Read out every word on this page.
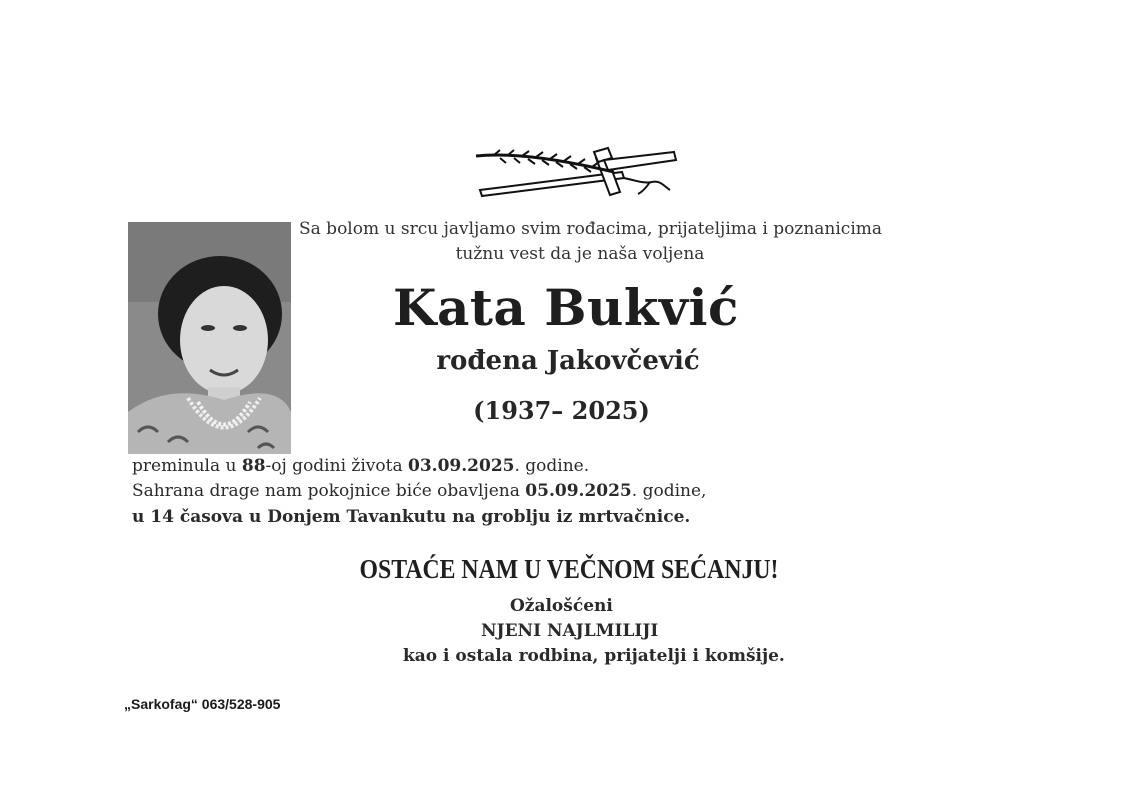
Sa bolom u srcu javljamo svim rođacima, prijateljima i poznanicima
tužnu vest da je naša voljena
Kata Bukvić
rođena Jakovčević
(1937– 2025)
preminula u 88-oj godini života 03.09.2025. godine.
Sahrana drage nam pokojnice biće obavljena 05.09.2025. godine,
u 14 časova u Donjem Tavankutu na groblju iz mrtvačnice.
OSTAĆE NAM U VEČNOM SEĆANJU!
Ožalošćeni
NJENI NAJLMILIJI
kao i ostala rodbina, prijatelji i komšije.
„Sarkofag“ 063/528-905
